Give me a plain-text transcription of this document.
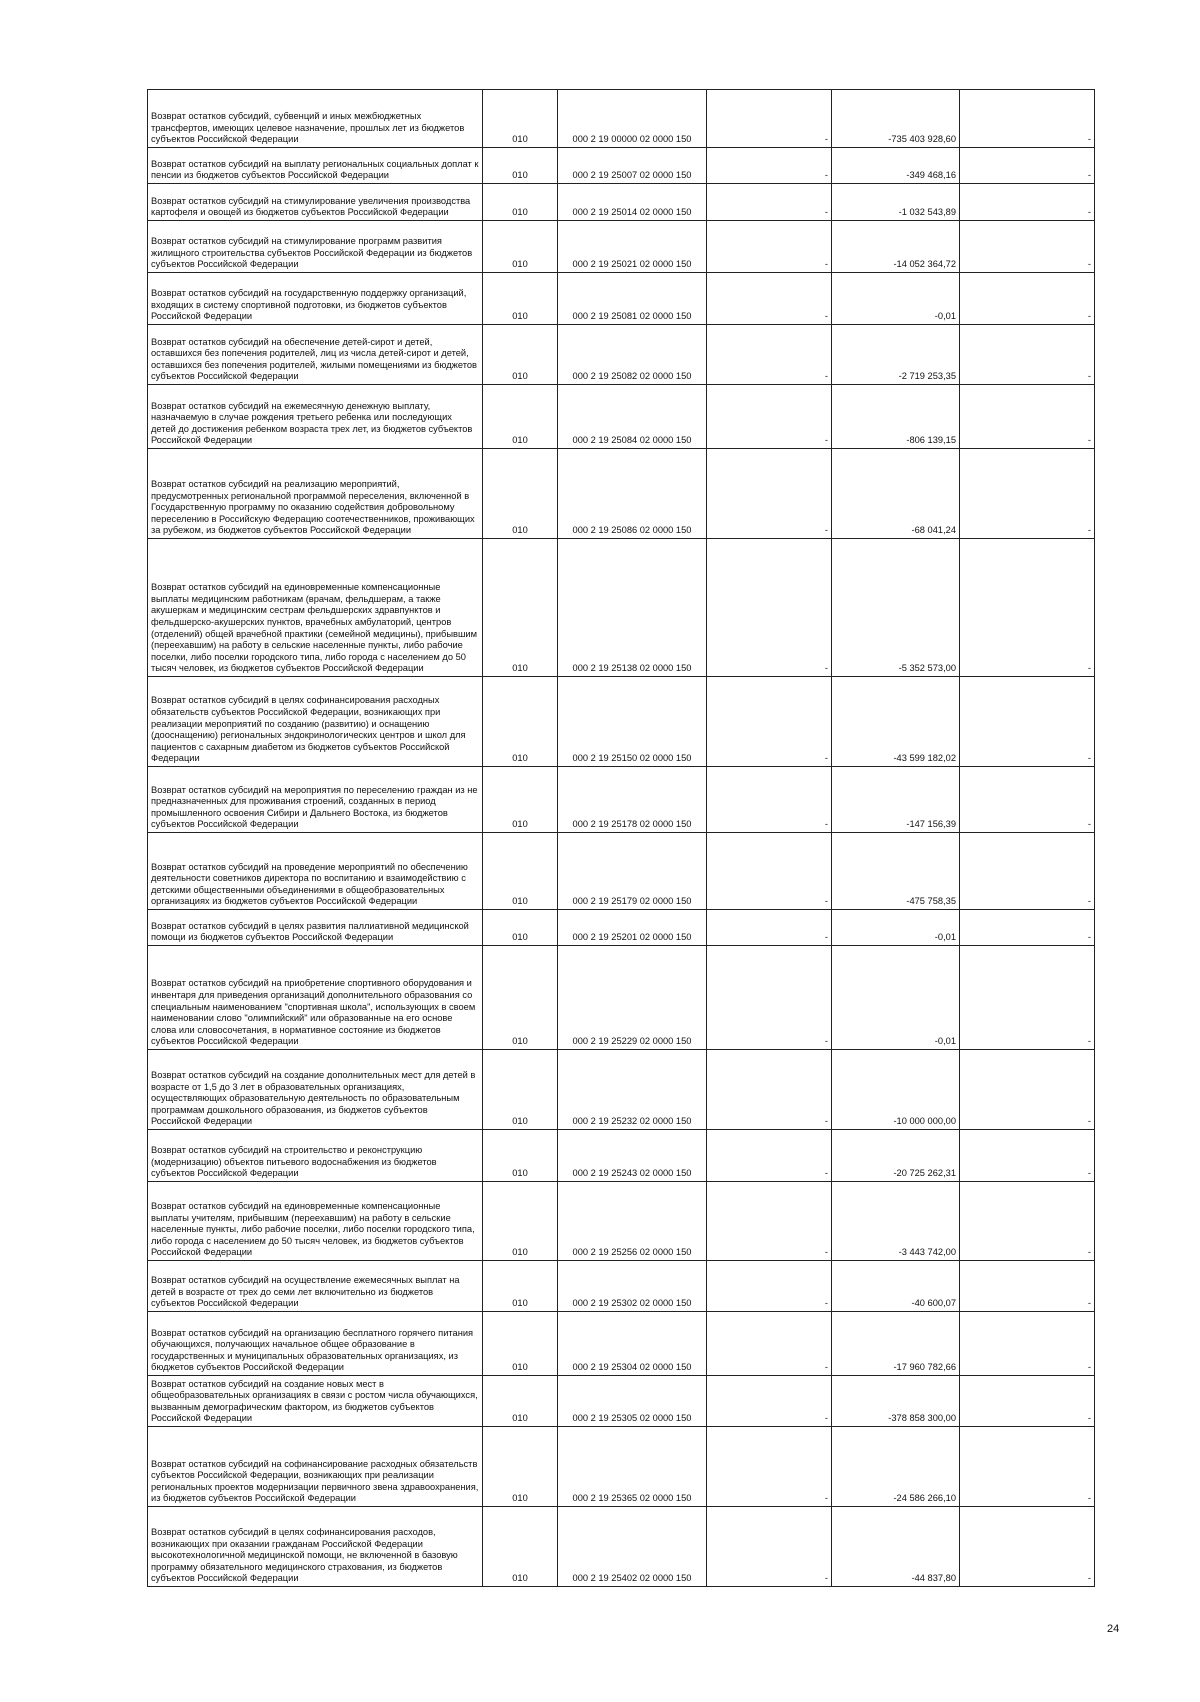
Возврат остатков субсидий, субвенций и иных межбюджетных трансфертов, имеющих целевое назначение, прошлых лет из бюджетов субъектов Российской Федерации	010	000 2 19 00000 02 0000 150	-	-735 403 928,60	-
Возврат остатков субсидий на выплату региональных социальных доплат к пенсии из бюджетов субъектов Российской Федерации	010	000 2 19 25007 02 0000 150	-	-349 468,16	-
Возврат остатков субсидий на стимулирование увеличения производства картофеля и овощей из бюджетов субъектов Российской Федерации	010	000 2 19 25014 02 0000 150	-	-1 032 543,89	-
Возврат остатков субсидий на стимулирование программ развития жилищного строительства субъектов Российской Федерации из бюджетов субъектов Российской Федерации	010	000 2 19 25021 02 0000 150	-	-14 052 364,72	-
Возврат остатков субсидий на государственную поддержку организаций, входящих в систему спортивной подготовки, из бюджетов субъектов Российской Федерации	010	000 2 19 25081 02 0000 150	-	-0,01	-
Возврат остатков субсидий на обеспечение детей-сирот и детей, оставшихся без попечения родителей, лиц из числа детей-сирот и детей, оставшихся без попечения родителей, жилыми помещениями из бюджетов субъектов Российской Федерации	010	000 2 19 25082 02 0000 150	-	-2 719 253,35	-
Возврат остатков субсидий на ежемесячную денежную выплату, назначаемую в случае рождения третьего ребенка или последующих детей до достижения ребенком возраста трех лет, из бюджетов субъектов Российской Федерации	010	000 2 19 25084 02 0000 150	-	-806 139,15	-
Возврат остатков субсидий на реализацию мероприятий, предусмотренных региональной программой переселения, включенной в Государственную программу по оказанию содействия добровольному переселению в Российскую Федерацию соотечественников, проживающих за рубежом, из бюджетов субъектов Российской Федерации	010	000 2 19 25086 02 0000 150	-	-68 041,24	-
Возврат остатков субсидий на единовременные компенсационные выплаты медицинским работникам (врачам, фельдшерам, а также акушеркам и медицинским сестрам фельдшерских здравпунктов и фельдшерско-акушерских пунктов, врачебных амбулаторий, центров (отделений) общей врачебной практики (семейной медицины), прибывшим (переехавшим) на работу в сельские населенные пункты, либо рабочие поселки, либо поселки городского типа, либо города с населением до 50 тысяч человек, из бюджетов субъектов Российской Федерации	010	000 2 19 25138 02 0000 150	-	-5 352 573,00	-
Возврат остатков субсидий в целях софинансирования расходных обязательств субъектов Российской Федерации, возникающих при реализации мероприятий по созданию (развитию) и оснащению (дооснащению) региональных эндокринологических центров и школ для пациентов с сахарным диабетом из бюджетов субъектов Российской Федерации	010	000 2 19 25150 02 0000 150	-	-43 599 182,02	-
Возврат остатков субсидий на мероприятия по переселению граждан из не предназначенных для проживания строений, созданных в период промышленного освоения Сибири и Дальнего Востока, из бюджетов субъектов Российской Федерации	010	000 2 19 25178 02 0000 150	-	-147 156,39	-
Возврат остатков субсидий на проведение мероприятий по обеспечению деятельности советников директора по воспитанию и взаимодействию с детскими общественными объединениями в общеобразовательных организациях из бюджетов субъектов Российской Федерации	010	000 2 19 25179 02 0000 150	-	-475 758,35	-
Возврат остатков субсидий в целях развития паллиативной медицинской помощи из бюджетов субъектов Российской Федерации	010	000 2 19 25201 02 0000 150	-	-0,01	-
Возврат остатков субсидий на приобретение спортивного оборудования и инвентаря для приведения организаций дополнительного образования со специальным наименованием "спортивная школа", использующих в своем наименовании слово "олимпийский" или образованные на его основе слова или словосочетания, в нормативное состояние из бюджетов субъектов Российской Федерации	010	000 2 19 25229 02 0000 150	-	-0,01	-
Возврат остатков субсидий на создание дополнительных мест для детей в возрасте от 1,5 до 3 лет в образовательных организациях, осуществляющих образовательную деятельность по образовательным программам дошкольного образования, из бюджетов субъектов Российской Федерации	010	000 2 19 25232 02 0000 150	-	-10 000 000,00	-
Возврат остатков субсидий на строительство и реконструкцию (модернизацию) объектов питьевого водоснабжения из бюджетов субъектов Российской Федерации	010	000 2 19 25243 02 0000 150	-	-20 725 262,31	-
Возврат остатков субсидий на единовременные компенсационные выплаты учителям, прибывшим (переехавшим) на работу в сельские населенные пункты, либо рабочие поселки, либо поселки городского типа, либо города с населением до 50 тысяч человек, из бюджетов субъектов Российской Федерации	010	000 2 19 25256 02 0000 150	-	-3 443 742,00	-
Возврат остатков субсидий на осуществление ежемесячных выплат на детей в возрасте от трех до семи лет включительно из бюджетов субъектов Российской Федерации	010	000 2 19 25302 02 0000 150	-	-40 600,07	-
Возврат остатков субсидий на организацию бесплатного горячего питания обучающихся, получающих начальное общее образование в государственных и муниципальных образовательных организациях, из бюджетов субъектов Российской Федерации	010	000 2 19 25304 02 0000 150	-	-17 960 782,66	-
Возврат остатков субсидий на создание новых мест в общеобразовательных организациях в связи с ростом числа обучающихся, вызванным демографическим фактором, из бюджетов субъектов Российской Федерации	010	000 2 19 25305 02 0000 150	-	-378 858 300,00	-
Возврат остатков субсидий на софинансирование расходных обязательств субъектов Российской Федерации, возникающих при реализации региональных проектов модернизации первичного звена здравоохранения, из бюджетов субъектов Российской Федерации	010	000 2 19 25365 02 0000 150	-	-24 586 266,10	-
Возврат остатков субсидий в целях софинансирования расходов, возникающих при оказании гражданам Российской Федерации высокотехнологичной медицинской помощи, не включенной в базовую программу обязательного медицинского страхования, из бюджетов субъектов Российской Федерации	010	000 2 19 25402 02 0000 150	-	-44 837,80	-
24
